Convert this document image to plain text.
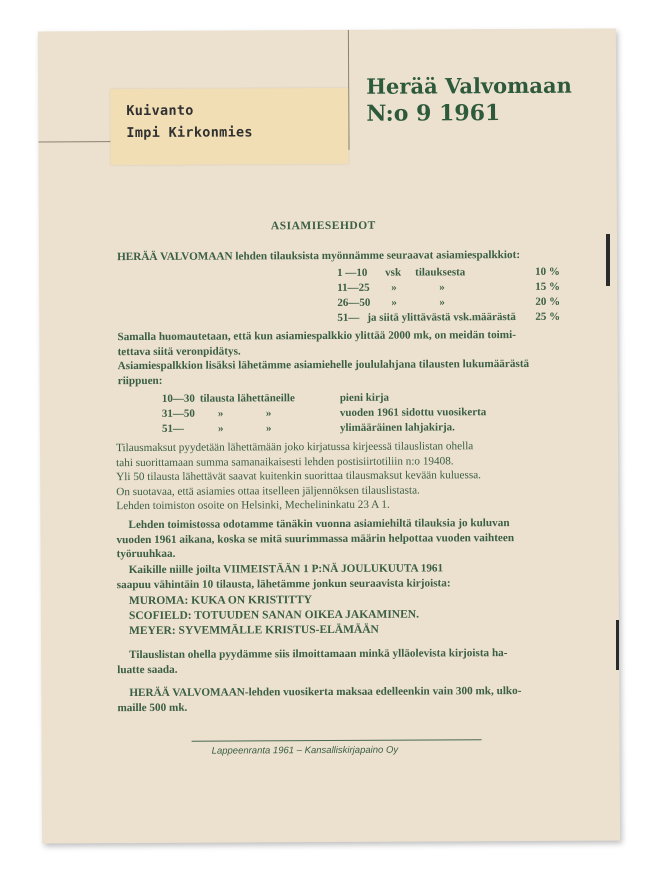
Kuivanto
Impi Kirkonmies
Herää Valvomaan
N:o 9 1961
ASIAMIESEHDOT
HERÄÄ VALVOMAAN lehden tilauksista myönnämme seuraavat asiamiespalkkiot:
1 —10 vsk tilauksesta	10 %
11—25 »	»	15 %
26—50 »	»	20 %
51— ja siitä ylittävästä vsk.määrästä 25 %
Samalla huomautetaan, että kun asiamiespalkkio ylittää 2000 mk, on meidän toimi-
tettava siitä veronpidätys.
Asiamiespalkkion lisäksi lähetämme asiamiehelle joululahjana tilausten lukumäärästä
riippuen:
10—30 tilausta lähettäneille	pieni kirja
31—50 »	»	vuoden 1961 sidottu vuosikerta
51—	»	»	ylimääräinen lahjakirja.
Tilausmaksut pyydetään lähettämään joko kirjatussa kirjeessä tilauslistan ohella
tahi suorittamaan summa samanaikaisesti lehden postisiirtotiliin n:o 19408.
Yli 50 tilausta lähettävät saavat kuitenkin suorittaa tilausmaksut kevään kuluessa.
On suotavaa, että asiamies ottaa itselleen jäljennöksen tilauslistasta.
Lehden toimiston osoite on Helsinki, Mechelininkatu 23 A 1.
Lehden toimistossa odotamme tänäkin vuonna asiamiehiltä tilauksia jo kuluvan
vuoden 1961 aikana, koska se mitä suurimmassa määrin helpottaa vuoden vaihteen
työruuhkaa.
Kaikille niille joilta VIIMEISTÄÄN 1 P:NÄ JOULUKUUTA 1961
saapuu vähintäin 10 tilausta, lähetämme jonkun seuraavista kirjoista:
MUROMA: KUKA ON KRISTITTY
SCOFIELD: TOTUUDEN SANAN OIKEA JAKAMINEN.
MEYER: SYVEMMÄLLE KRISTUS-ELÄMÄÄN
Tilauslistan ohella pyydämme siis ilmoittamaan minkä ylläolevista kirjoista ha-
luatte saada.
HERÄÄ VALVOMAAN-lehden vuosikerta maksaa edelleenkin vain 300 mk, ulko-
maille 500 mk.
Lappeenranta 1961 – Kansalliskirjapaino Oy
